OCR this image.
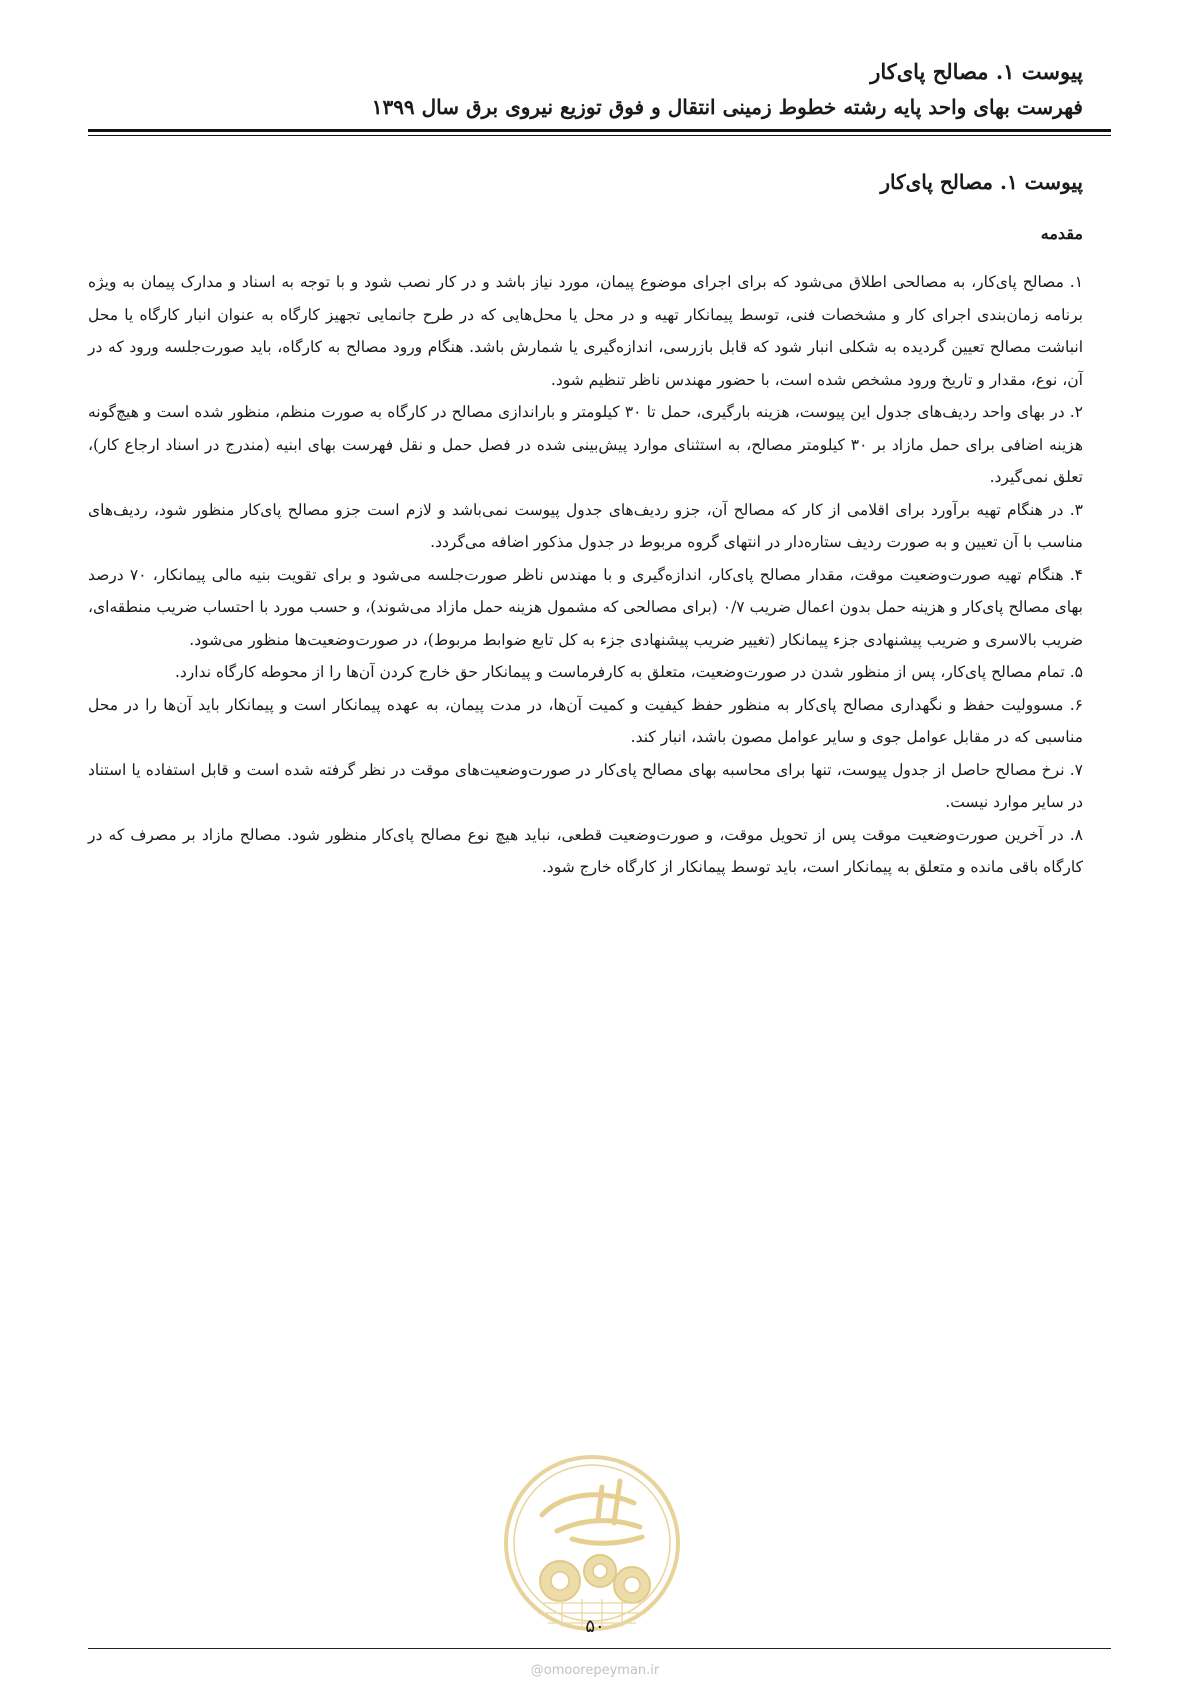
پیوست ۱. مصالح پای‌کار
فهرست بهای واحد پایه رشته خطوط زمینی انتقال و فوق توزیع نیروی برق سال ۱۳۹۹
پیوست ۱. مصالح پای‌کار
مقدمه

۱. مصالح پای‌کار، به مصالحی اطلاق می‌شود که برای اجرای موضوع پیمان، مورد نیاز باشد و در کار نصب شود و با توجه به اسناد و مدارک پیمان به ویژه برنامه زمان‌بندی اجرای کار و مشخصات فنی، توسط پیمانکار تهیه و در محل یا محل‌هایی که در طرح جانمایی تجهیز کارگاه به عنوان انبار کارگاه یا محل انباشت مصالح تعیین گردیده به شکلی انبار شود که قابل بازرسی، اندازه‌گیری یا شمارش باشد. هنگام ورود مصالح به کارگاه، باید صورت‌جلسه ورود که در آن، نوع، مقدار و تاریخ ورود مشخص شده است، با حضور مهندس ناظر تنظیم شود.

۲. در بهای واحد ردیف‌های جدول این پیوست، هزینه بارگیری، حمل تا ۳۰ کیلومتر و باراندازی مصالح در کارگاه به صورت منظم، منظور شده است و هیچ‌گونه هزینه اضافی برای حمل مازاد بر ۳۰ کیلومتر مصالح، به استثنای موارد پیش‌بینی شده در فصل حمل و نقل فهرست بهای ابنیه (مندرج در اسناد ارجاع کار)، تعلق نمی‌گیرد.

۳. در هنگام تهیه برآورد برای اقلامی از کار که مصالح آن، جزو ردیف‌های جدول پیوست نمی‌باشد و لازم است جزو مصالح پای‌کار منظور شود، ردیف‌های مناسب با آن تعیین و به صورت ردیف ستاره‌دار در انتهای گروه مربوط در جدول مذکور اضافه می‌گردد.

۴. هنگام تهیه صورت‌وضعیت موقت، مقدار مصالح پای‌کار، اندازه‌گیری و با مهندس ناظر صورت‌جلسه می‌شود و برای تقویت بنیه مالی پیمانکار، ۷۰ درصد بهای مصالح پای‌کار و هزینه حمل بدون اعمال ضریب ۰/۷ (برای مصالحی که مشمول هزینه حمل مازاد می‌شوند)، و حسب مورد با احتساب ضریب منطقه‌ای، ضریب بالاسری و ضریب پیشنهادی جزء پیمانکار (تغییر ضریب پیشنهادی جزء به کل تابع ضوابط مربوط)، در صورت‌وضعیت‌ها منظور می‌شود.

۵. تمام مصالح پای‌کار، پس از منظور شدن در صورت‌وضعیت، متعلق به کارفرماست و پیمانکار حق خارج کردن آن‌ها را از محوطه کارگاه ندارد.

۶. مسوولیت حفظ و نگهداری مصالح پای‌کار به منظور حفظ کیفیت و کمیت آن‌ها، در مدت پیمان، به عهده پیمانکار است و پیمانکار باید آن‌ها را در محل مناسبی که در مقابل عوامل جوی و سایر عوامل مصون باشد، انبار کند.

۷. نرخ مصالح حاصل از جدول پیوست، تنها برای محاسبه بهای مصالح پای‌کار در صورت‌وضعیت‌های موقت در نظر گرفته شده است و قابل استفاده یا استناد در سایر موارد نیست.

۸. در آخرین صورت‌وضعیت موقت پس از تحویل موقت، و صورت‌وضعیت قطعی، نباید هیچ نوع مصالح پای‌کار منظور شود. مصالح مازاد بر مصرف که در کارگاه باقی مانده و متعلق به پیمانکار است، باید توسط پیمانکار از کارگاه خارج شود.

۵۰
@omoorepeyman.ir
